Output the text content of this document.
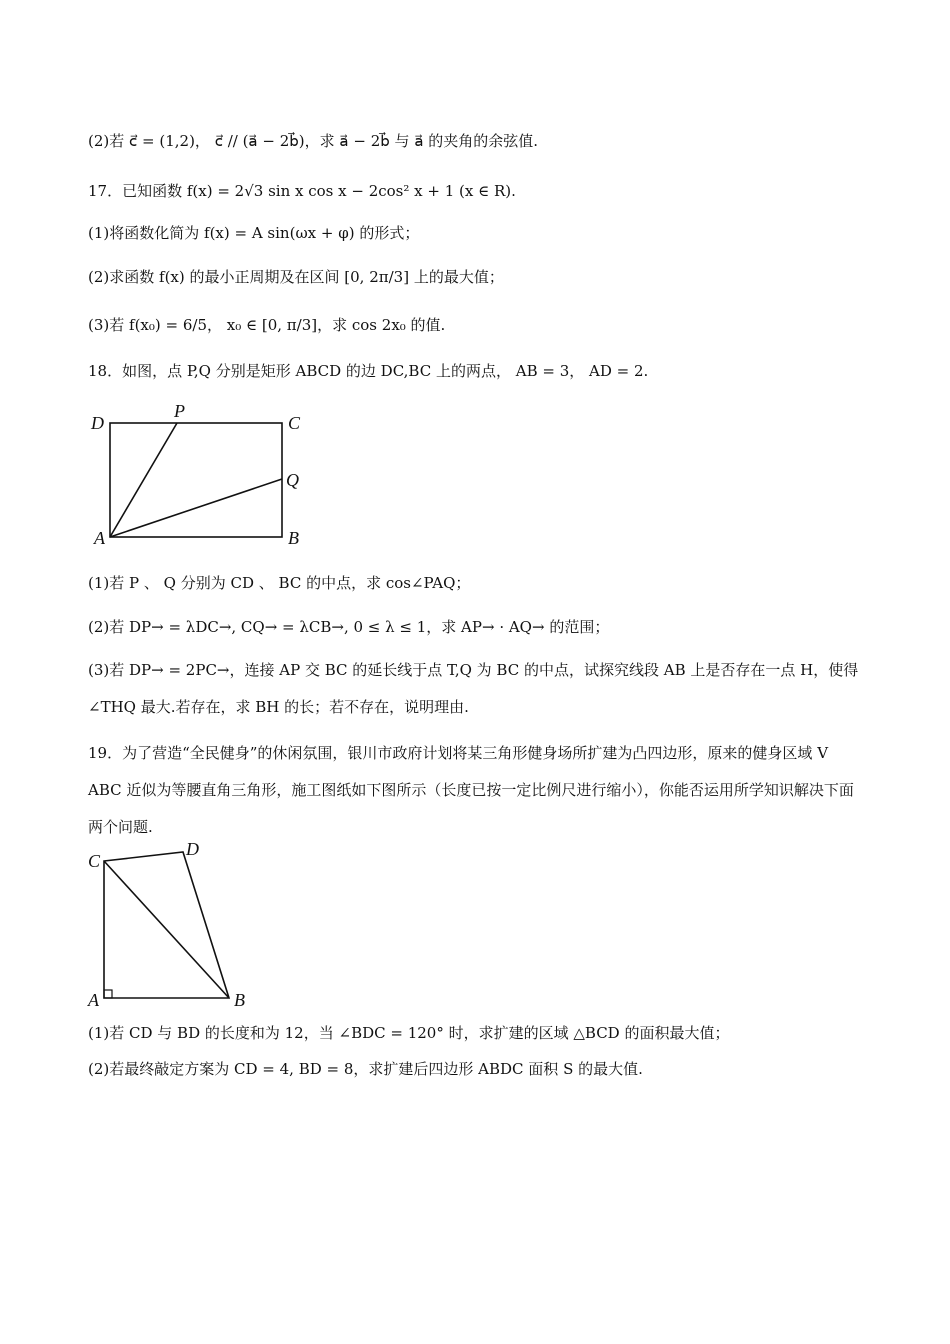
(2)若 c⃗ = (1,2)， c⃗ // (a⃗ − 2b⃗)，求 a⃗ − 2b⃗ 与 a⃗ 的夹角的余弦值.
17．已知函数 f(x) = 2√3 sin x cos x − 2cos² x + 1 (x ∈ R).
(1)将函数化简为 f(x) = A sin(ωx + φ) 的形式；
(2)求函数 f(x) 的最小正周期及在区间 [0, 2π/3] 上的最大值；
(3)若 f(x₀) = 6/5， x₀ ∈ [0, π/3]，求 cos 2x₀ 的值.
18．如图，点 P,Q 分别是矩形 ABCD 的边 DC,BC 上的两点， AB = 3， AD = 2.
D
P
C
Q
A	B
(1)若 P 、 Q 分别为 CD 、 BC 的中点，求 cos∠PAQ；
(2)若 DP→ = λDC→, CQ→ = λCB→, 0 ≤ λ ≤ 1，求 AP→ · AQ→ 的范围；
(3)若 DP→ = 2PC→，连接 AP 交 BC 的延长线于点 T,Q 为 BC 的中点，试探究线段 AB 上是否存在一点 H，使得 ∠THQ 最大.若存在，求 BH 的长；若不存在，说明理由.
19．为了营造“全民健身”的休闲氛围，银川市政府计划将某三角形健身场所扩建为凸四边形，原来的健身区域 V ABC 近似为等腰直角三角形，施工图纸如下图所示（长度已按一定比例尺进行缩小），你能否运用所学知识解决下面两个问题.
C
D
A	B
(1)若 CD 与 BD 的长度和为 12，当 ∠BDC = 120° 时，求扩建的区域 △BCD 的面积最大值；
(2)若最终敲定方案为 CD = 4, BD = 8，求扩建后四边形 ABDC 面积 S 的最大值.
